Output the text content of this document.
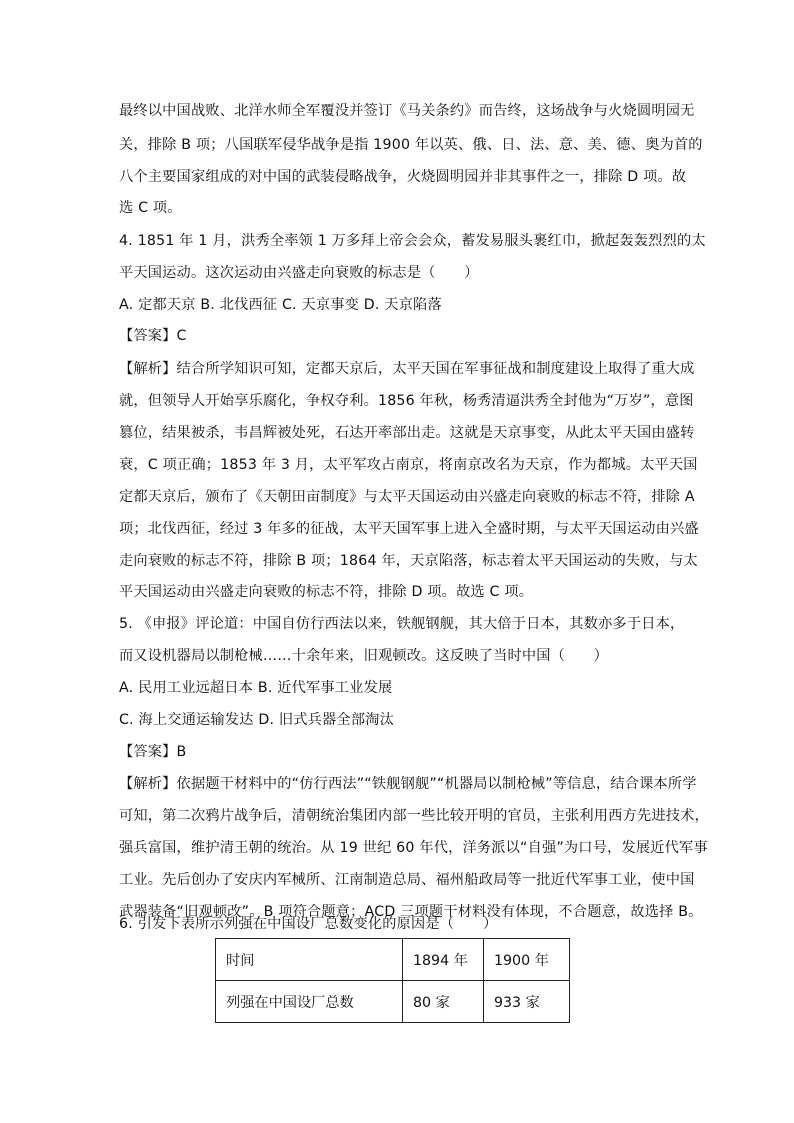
最终以中国战败、北洋水师全军覆没并签订《马关条约》而告终，这场战争与火烧圆明园无
关，排除 B 项；八国联军侵华战争是指 1900 年以英、俄、日、法、意、美、德、奥为首的
八个主要国家组成的对中国的武装侵略战争，火烧圆明园并非其事件之一，排除 D 项。故
选 C 项。
4. 1851 年 1 月，洪秀全率领 1 万多拜上帝会会众，蓄发易服头裹红巾，掀起轰轰烈烈的太
平天国运动。这次运动由兴盛走向衰败的标志是（　　）
A. 定都天京 B. 北伐西征 C. 天京事变 D. 天京陷落
【答案】C
【解析】结合所学知识可知，定都天京后，太平天国在军事征战和制度建设上取得了重大成
就，但领导人开始享乐腐化，争权夺利。1856 年秋，杨秀清逼洪秀全封他为“万岁”，意图
篡位，结果被杀，韦昌辉被处死，石达开率部出走。这就是天京事变，从此太平天国由盛转
衰，C 项正确；1853 年 3 月，太平军攻占南京，将南京改名为天京，作为都城。太平天国
定都天京后，颁布了《天朝田亩制度》与太平天国运动由兴盛走向衰败的标志不符，排除 A
项；北伐西征，经过 3 年多的征战，太平天国军事上进入全盛时期，与太平天国运动由兴盛
走向衰败的标志不符，排除 B 项；1864 年，天京陷落，标志着太平天国运动的失败，与太
平天国运动由兴盛走向衰败的标志不符，排除 D 项。故选 C 项。
5. 《申报》评论道：中国自仿行西法以来，铁舰钢舰，其大倍于日本，其数亦多于日本，
而又设机器局以制枪械……十余年来，旧观顿改。这反映了当时中国（　　）
A. 民用工业远超日本 B. 近代军事工业发展
C. 海上交通运输发达 D. 旧式兵器全部淘汰
【答案】B
【解析】依据题干材料中的“仿行西法”“铁舰钢舰”“机器局以制枪械”等信息，结合课本所学
可知，第二次鸦片战争后，清朝统治集团内部一些比较开明的官员，主张利用西方先进技术，
强兵富国，维护清王朝的统治。从 19 世纪 60 年代，洋务派以“自强”为口号，发展近代军事
工业。先后创办了安庆内军械所、江南制造总局、福州船政局等一批近代军事工业，使中国
武器装备“旧观顿改”。B 项符合题意；ACD 三项题干材料没有体现，不合题意，故选择 B。
6. 引发下表所示列强在中国设厂总数变化的原因是（　　）
时间	1894 年	1900 年
列强在中国设厂总数	80 家	933 家
